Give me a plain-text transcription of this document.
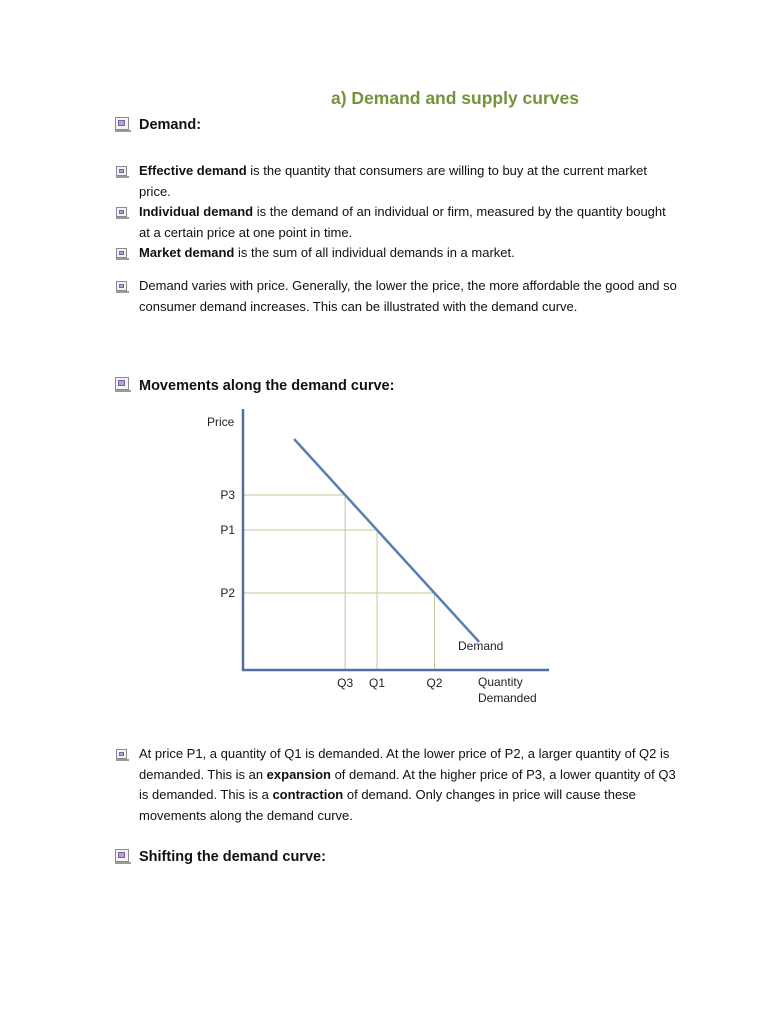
a) Demand and supply curves
Demand:
Effective demand is the quantity that consumers are willing to buy at the current market price.
Individual demand is the demand of an individual or firm, measured by the quantity bought at a certain price at one point in time.
Market demand is the sum of all individual demands in a market.
Demand varies with price. Generally, the lower the price, the more affordable the good and so consumer demand increases. This can be illustrated with the demand curve.
Movements along the demand curve:
Price
P3
P1
P2
Q3 Q1	Q2
Demand
Quantity
Demanded
At price P1, a quantity of Q1 is demanded. At the lower price of P2, a larger quantity of Q2 is demanded. This is an expansion of demand. At the higher price of P3, a lower quantity of Q3 is demanded. This is a contraction of demand. Only changes in price will cause these movements along the demand curve.
Shifting the demand curve:
